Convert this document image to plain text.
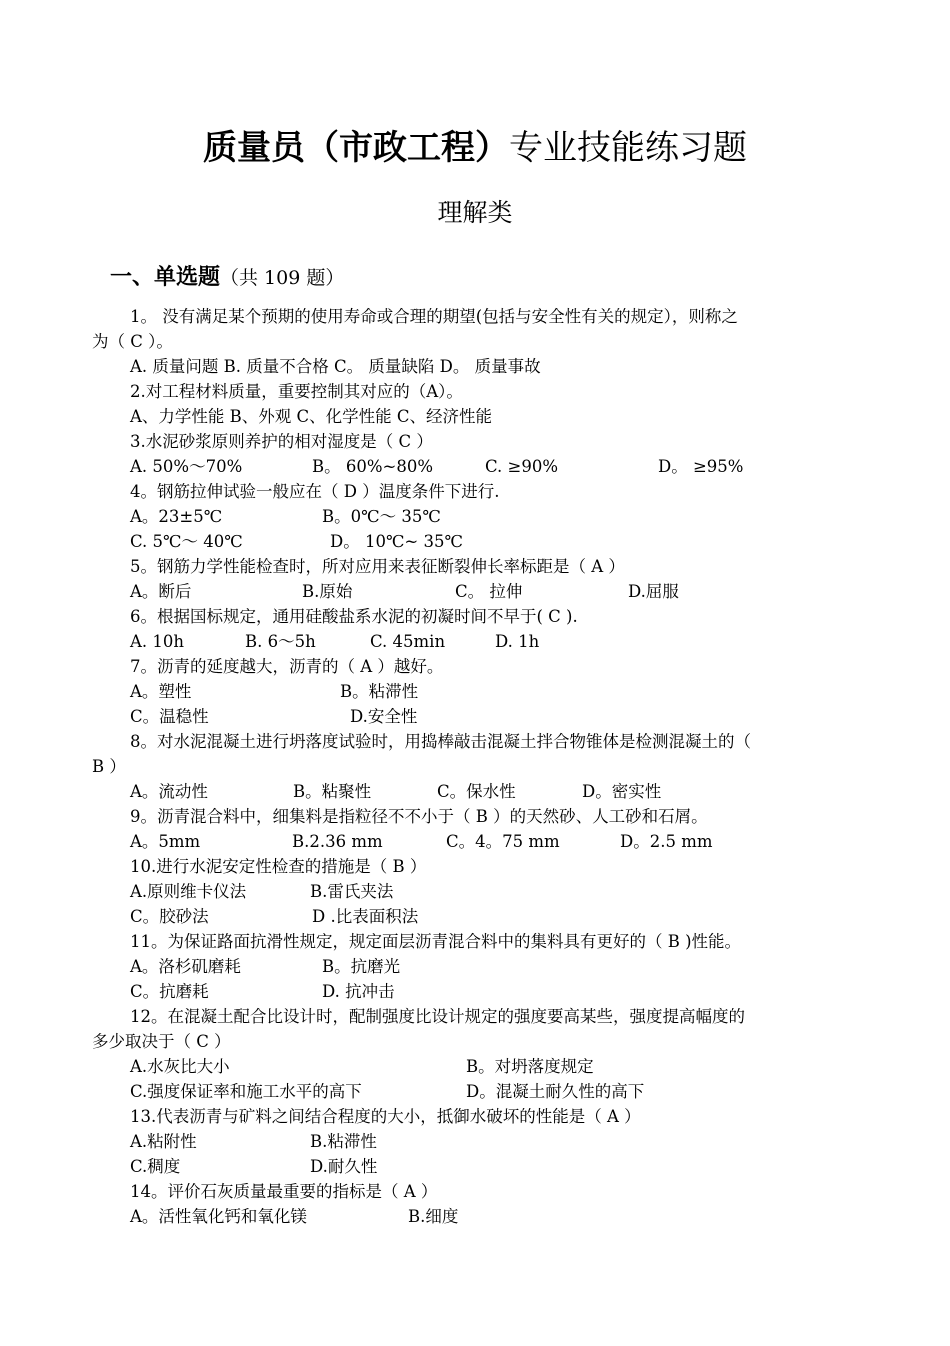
质量员（市政工程）专业技能练习题
理解类
一、单选题（共 109 题）
1。 没有满足某个预期的使用寿命或合理的期望(包括与安全性有关的规定），则称之
为（ C ）。
A. 质量问题 B. 质量不合格 C。 质量缺陷 D。 质量事故
2.对工程材料质量，重要控制其对应的（A）。
A、力学性能 B、外观 C、化学性能 C、经济性能
3.水泥砂浆原则养护的相对湿度是（ C ）
A. 50%～70%	B。 60%~80%	C. ≥90%	D。 ≥95%
4。钢筋拉伸试验一般应在（ D ）温度条件下进行.
A。23±5℃	B。0℃～ 35℃
C. 5℃～ 40℃	D。 10℃~ 35℃
5。钢筋力学性能检查时，所对应用来表征断裂伸长率标距是（ A ）
A。断后	B.原始	C。 拉伸	D.屈服
6。根据国标规定，通用硅酸盐系水泥的初凝时间不早于( C ).
A. 10h	B. 6～5h	C. 45min	D. 1h
7。沥青的延度越大，沥青的（ A ）越好。
A。塑性	B。粘滞性
C。温稳性	D.安全性
8。对水泥混凝土进行坍落度试验时，用捣棒敲击混凝土拌合物锥体是检测混凝土的（
B ）
A。流动性	B。粘聚性	C。保水性	D。密实性
9。沥青混合料中，细集料是指粒径不不小于（ B ）的天然砂、人工砂和石屑。
A。5mm	B.2.36 mm	C。4。75 mm	D。2.5 mm
10.进行水泥安定性检查的措施是（ B ）
A.原则维卡仪法	B.雷氏夹法
C。胶砂法	D .比表面积法
11。为保证路面抗滑性规定，规定面层沥青混合料中的集料具有更好的（ B )性能。
A。洛杉矶磨耗	B。抗磨光
C。抗磨耗	D. 抗冲击
12。在混凝土配合比设计时，配制强度比设计规定的强度要高某些，强度提高幅度的
多少取决于（ C ）
A.水灰比大小	B。对坍落度规定
C.强度保证率和施工水平的高下	D。混凝土耐久性的高下
13.代表沥青与矿料之间结合程度的大小，抵御水破坏的性能是（ A ）
A.粘附性	B.粘滞性
C.稠度	D.耐久性
14。评价石灰质量最重要的指标是（ A ）
A。活性氧化钙和氧化镁	B.细度
